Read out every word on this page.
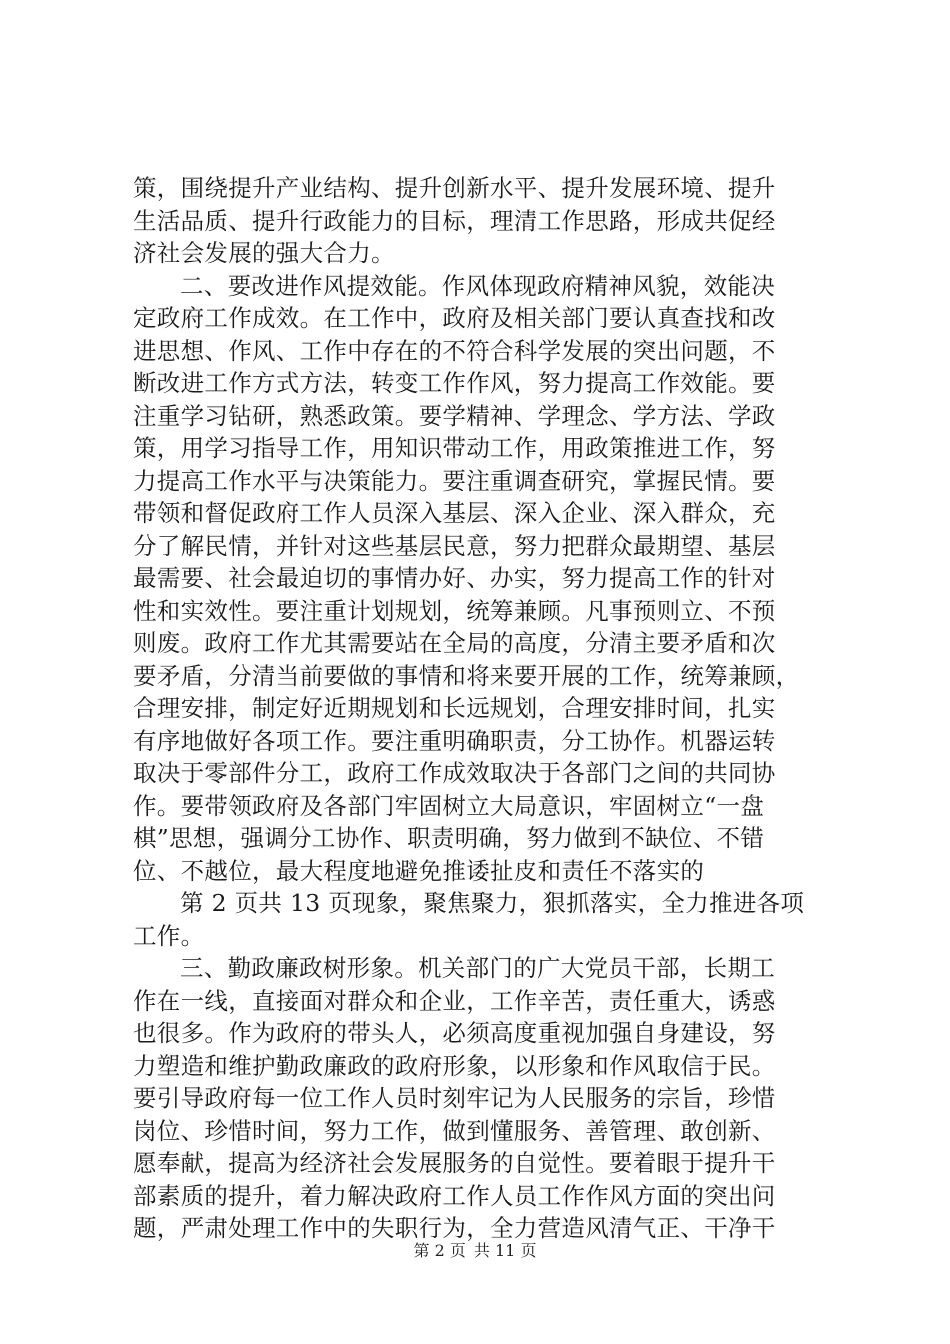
策，围绕提升产业结构、提升创新水平、提升发展环境、提升
生活品质、提升行政能力的目标，理清工作思路，形成共促经
济社会发展的强大合力。
二、要改进作风提效能。作风体现政府精神风貌，效能决
定政府工作成效。在工作中，政府及相关部门要认真查找和改
进思想、作风、工作中存在的不符合科学发展的突出问题，不
断改进工作方式方法，转变工作作风，努力提高工作效能。要
注重学习钻研，熟悉政策。要学精神、学理念、学方法、学政
策，用学习指导工作，用知识带动工作，用政策推进工作，努
力提高工作水平与决策能力。要注重调查研究，掌握民情。要
带领和督促政府工作人员深入基层、深入企业、深入群众，充
分了解民情，并针对这些基层民意，努力把群众最期望、基层
最需要、社会最迫切的事情办好、办实，努力提高工作的针对
性和实效性。要注重计划规划，统筹兼顾。凡事预则立、不预
则废。政府工作尤其需要站在全局的高度，分清主要矛盾和次
要矛盾，分清当前要做的事情和将来要开展的工作，统筹兼顾，
合理安排，制定好近期规划和长远规划，合理安排时间，扎实
有序地做好各项工作。要注重明确职责，分工协作。机器运转
取决于零部件分工，政府工作成效取决于各部门之间的共同协
作。要带领政府及各部门牢固树立大局意识，牢固树立“一盘
棋”思想，强调分工协作、职责明确，努力做到不缺位、不错
位、不越位，最大程度地避免推诿扯皮和责任不落实的
第 2 页共 13 页现象，聚焦聚力，狠抓落实，全力推进各项
工作。
三、勤政廉政树形象。机关部门的广大党员干部，长期工
作在一线，直接面对群众和企业，工作辛苦，责任重大，诱惑
也很多。作为政府的带头人，必须高度重视加强自身建设，努
力塑造和维护勤政廉政的政府形象，以形象和作风取信于民。
要引导政府每一位工作人员时刻牢记为人民服务的宗旨，珍惜
岗位、珍惜时间，努力工作，做到懂服务、善管理、敢创新、
愿奉献，提高为经济社会发展服务的自觉性。要着眼于提升干
部素质的提升，着力解决政府工作人员工作作风方面的突出问
题，严肃处理工作中的失职行为，全力营造风清气正、干净干
第 2 页 共 11 页
